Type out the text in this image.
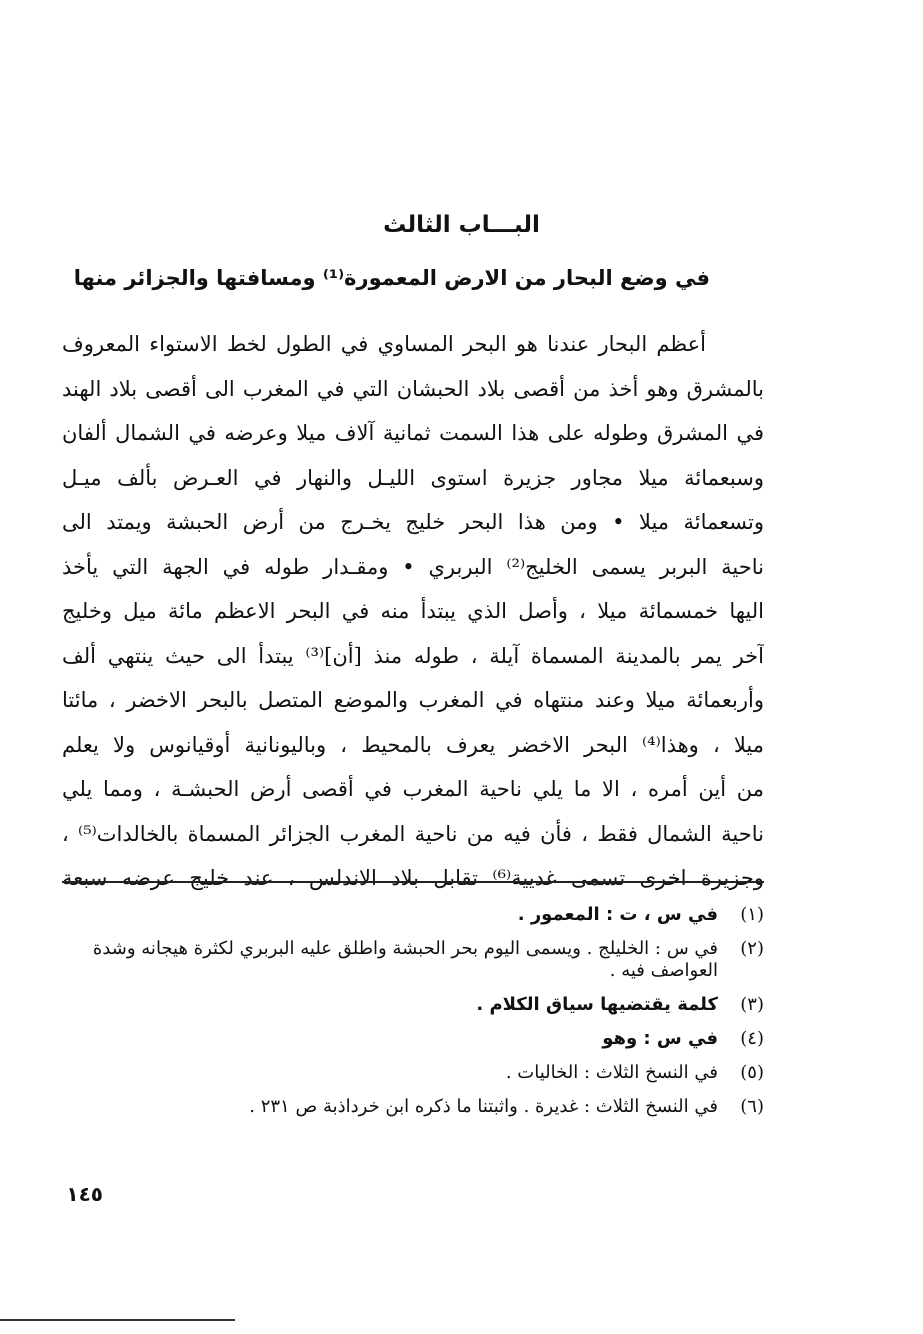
البـــاب الثالث
في وضع البحار من الارض المعمورة⁽¹⁾ ومسافتها والجزائر منها
أعظم البحار عندنا هو البحر المساوي في الطول لخط الاستواء المعروف
بالمشرق وهو أخذ من أقصى بلاد الحبشان التي في المغرب الى أقصى بلاد الهند
في المشرق وطوله على هذا السمت ثمانية آلاف ميلا وعرضه في الشمال ألفان
وسبعمائة ميلا مجاور جزيرة استوى الليـل والنهار في العـرض بألف ميـل
وتسعمائة ميلا • ومن هذا البحر خليج يخـرج من أرض الحبشة ويمتد الى
ناحية البربر يسمى الخليج⁽²⁾ البربري • ومقـدار طوله في الجهة التي يأخذ
اليها خمسمائة ميلا ، وأصل الذي يبتدأ منه في البحر الاعظم مائة ميل وخليج
آخر يمر بالمدينة المسماة آيلة ، طوله منذ [أن]⁽³⁾ يبتدأ الى حيث ينتهي ألف
وأربعمائة ميلا وعند منتهاه في المغرب والموضع المتصل بالبحر الاخضر ، مائتا
ميلا ، وهذا⁽⁴⁾ البحر الاخضر يعرف بالمحيط ، وباليونانية أوقيانوس ولا يعلم
من أين أمره ، الا ما يلي ناحية المغرب في أقصى أرض الحبشـة ، ومما يلي
ناحية الشمال فقط ، فأن فيه من ناحية المغرب الجزائر المسماة بالخالدات⁽⁵⁾ ،
وجزيرة اخرى تسمى غديية⁽⁶⁾ تقابل بلاد الاندلس ، عند خليج عرضه سبعة
(١)
في س ، ت : المعمور .
(٢)
في س : الخليلج . ويسمى اليوم بحر الحبشة واطلق عليه البربري لكثرة هيجانه وشدة العواصف فيه .
(٣)
كلمة يقتضيها سياق الكلام .
(٤)
في س : وهو
(٥)
في النسخ الثلاث : الخاليات .
(٦)
في النسخ الثلاث : غديرة . واثبتنا ما ذكره ابن خرداذبة ص ٢٣١ .
١٤٥
